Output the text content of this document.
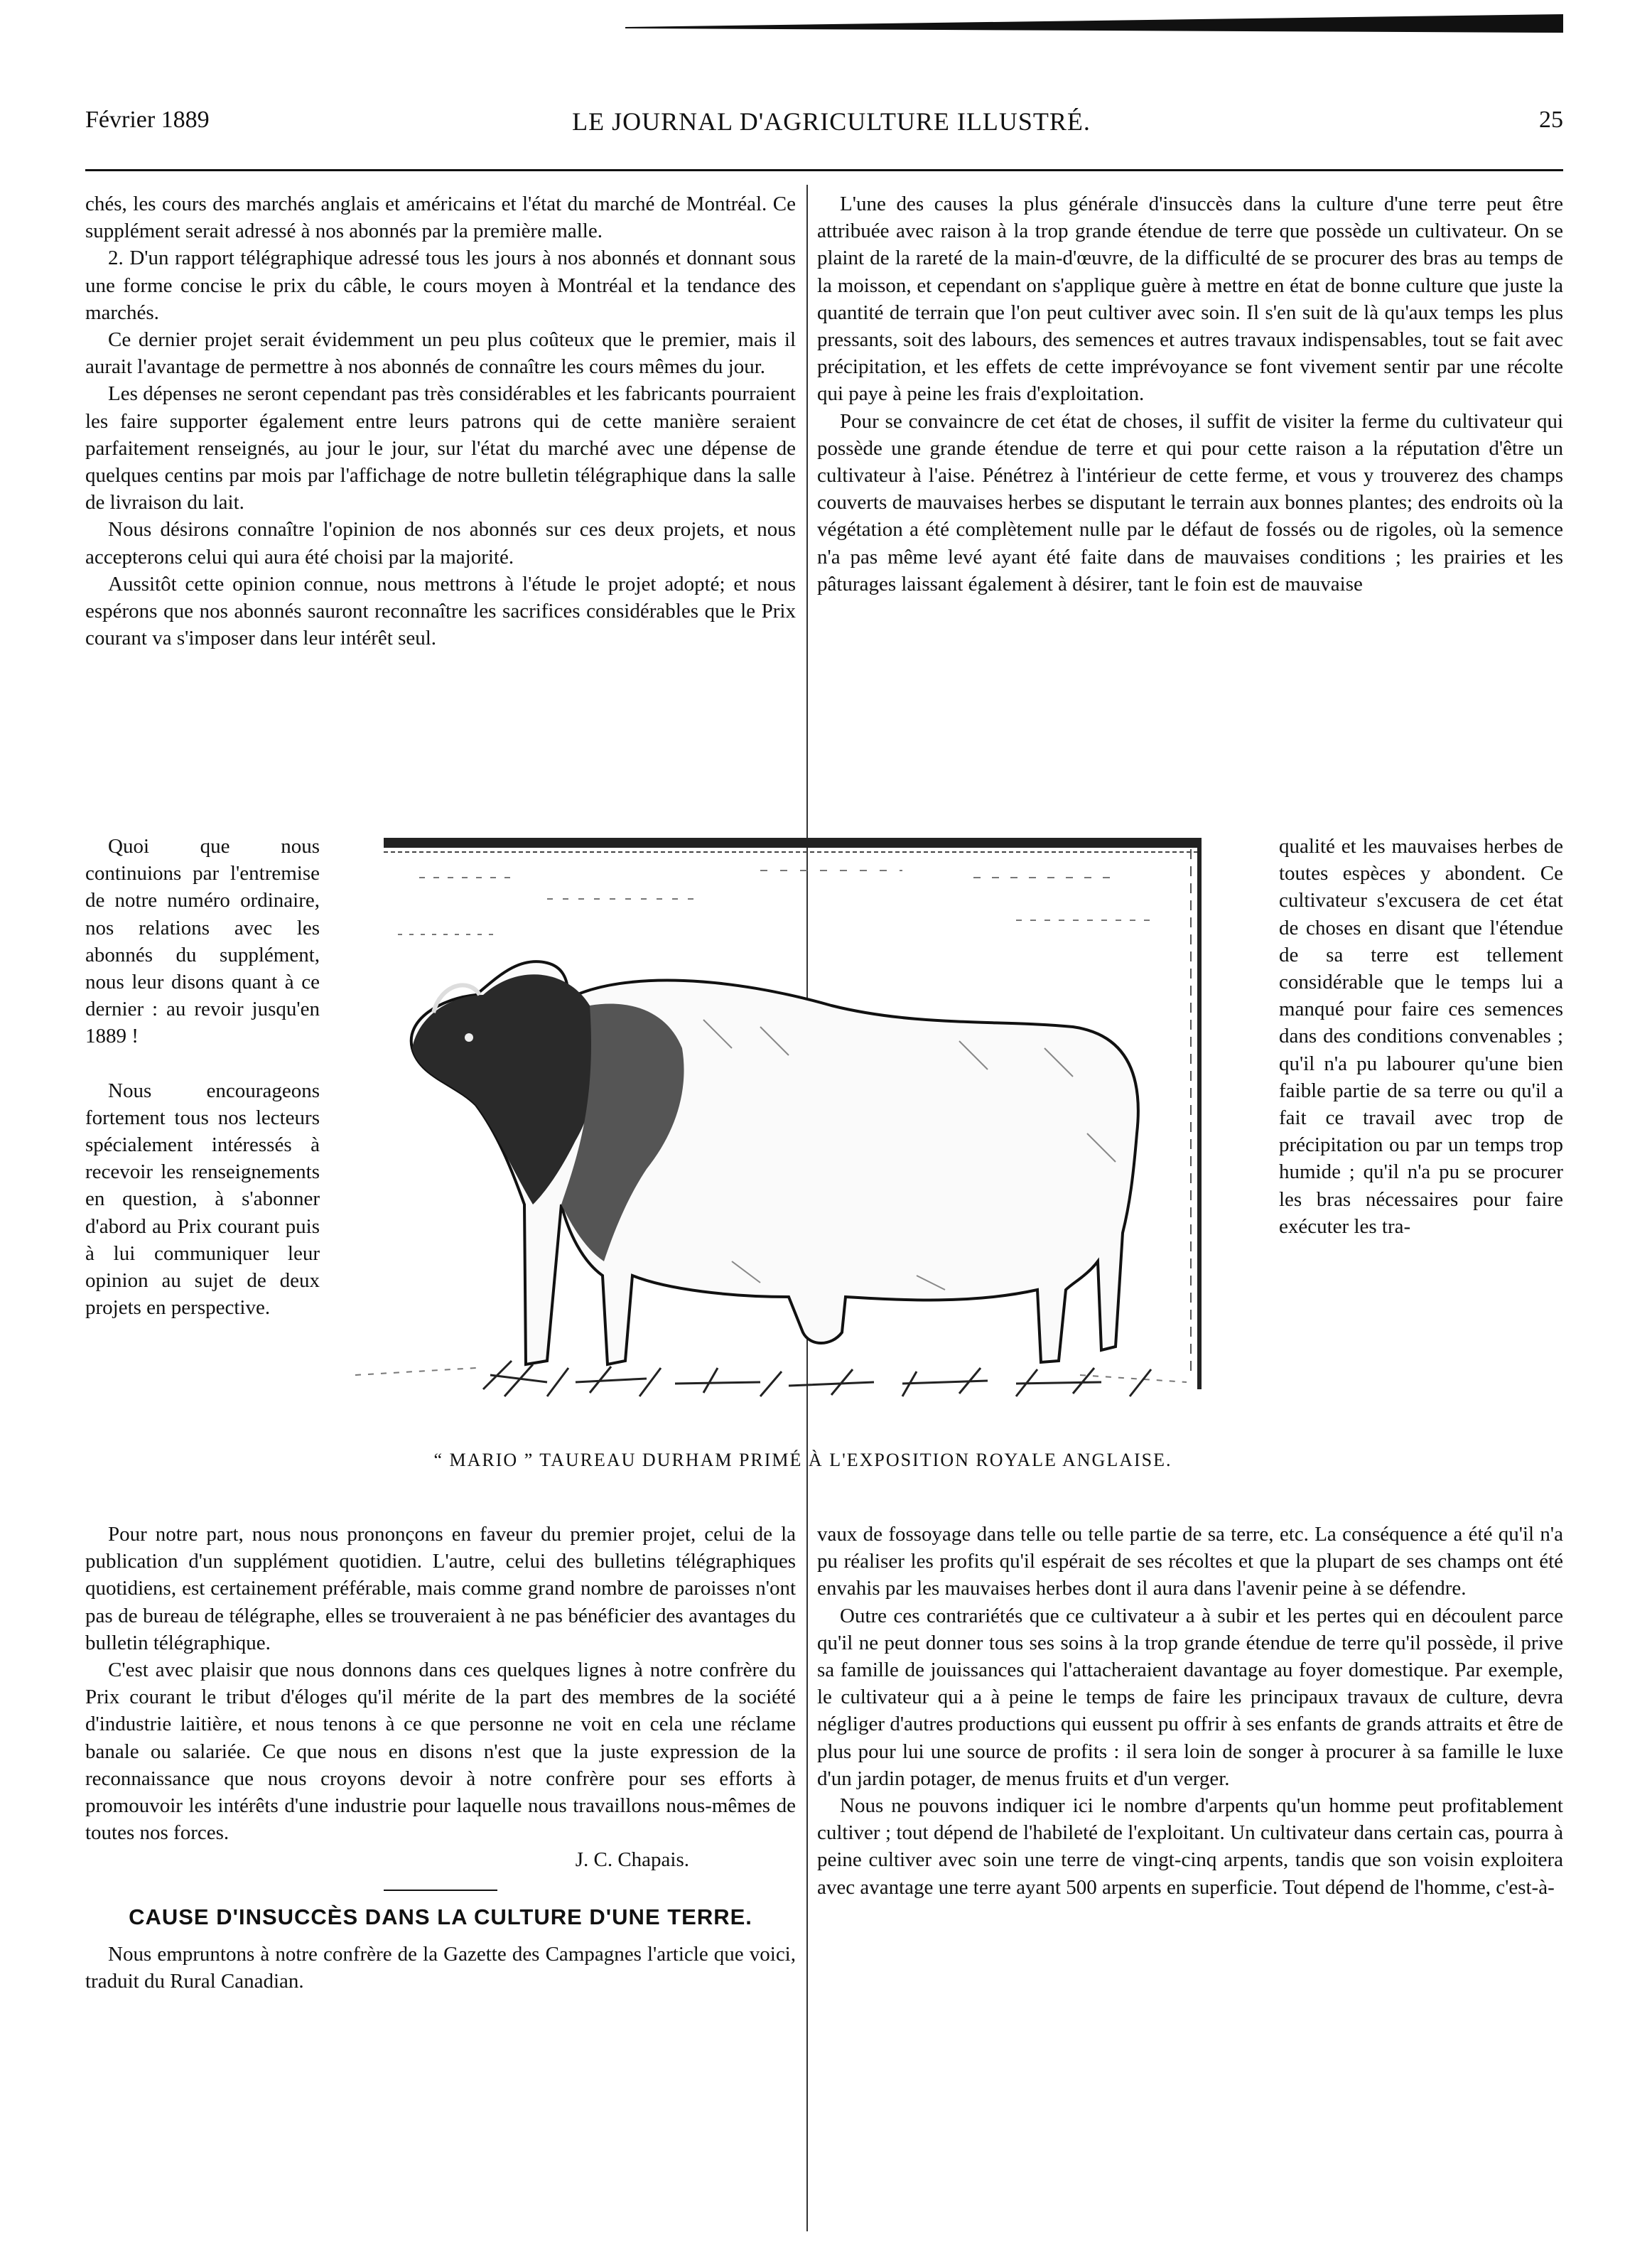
Février 1889	LE JOURNAL D'AGRICULTURE ILLUSTRÉ.	25

chés, les cours des marchés anglais et américains et l'état du marché de Montréal. Ce supplément serait adressé à nos abonnés par la première malle.

2. D'un rapport télégraphique adressé tous les jours à nos abonnés et donnant sous une forme concise le prix du câble, le cours moyen à Montréal et la tendance des marchés.

Ce dernier projet serait évidemment un peu plus coûteux que le premier, mais il aurait l'avantage de permettre à nos abonnés de connaître les cours mêmes du jour.

Les dépenses ne seront cependant pas très considérables et les fabricants pourraient les faire supporter également entre leurs patrons qui de cette manière seraient parfaitement renseignés, au jour le jour, sur l'état du marché avec une dépense de quelques centins par mois par l'affichage de notre bulletin télégraphique dans la salle de livraison du lait.

Nous désirons connaître l'opinion de nos abonnés sur ces deux projets, et nous accepterons celui qui aura été choisi par la majorité.

Aussitôt cette opinion connue, nous mettrons à l'étude le projet adopté; et nous espérons que nos abonnés sauront reconnaître les sacrifices considérables que le Prix courant va s'imposer dans leur intérêt seul.

L'une des causes la plus générale d'insuccès dans la culture d'une terre peut être attribuée avec raison à la trop grande étendue de terre que possède un cultivateur. On se plaint de la rareté de la main-d'œuvre, de la difficulté de se procurer des bras au temps de la moisson, et cependant on s'applique guère à mettre en état de bonne culture que juste la quantité de terrain que l'on peut cultiver avec soin. Il s'en suit de là qu'aux temps les plus pressants, soit des labours, des semences et autres travaux indispensables, tout se fait avec précipitation, et les effets de cette imprévoyance se font vivement sentir par une récolte qui paye à peine les frais d'exploitation.

Pour se convaincre de cet état de choses, il suffit de visiter la ferme du cultivateur qui possède une grande étendue de terre et qui pour cette raison a la réputation d'être un cultivateur à l'aise. Pénétrez à l'intérieur de cette ferme, et vous y trouverez des champs couverts de mauvaises herbes se disputant le terrain aux bonnes plantes; des endroits où la végétation a été complètement nulle par le défaut de fossés ou de rigoles, où la semence n'a pas même levé ayant été faite dans de mauvaises conditions ; les prairies et les pâturages laissant également à désirer, tant le foin est de mauvaise

Quoi que nous continuions par l'entremise de notre numéro ordinaire, nos relations avec les abonnés du supplément, nous leur disons quant à ce dernier : au revoir jusqu'en 1889 !

Nous encourageons fortement tous nos lecteurs spécialement intéressés à recevoir les renseignements en question, à s'abonner d'abord au Prix courant puis à lui communiquer leur opinion au sujet de deux projets en perspective.

qualité et les mauvaises herbes de toutes espèces y abondent. Ce cultivateur s'excusera de cet état de choses en disant que l'étendue de sa terre est tellement considérable que le temps lui a manqué pour faire ces semences dans des conditions convenables ; qu'il n'a pu labourer qu'une bien faible partie de sa terre ou qu'il a fait ce travail avec trop de précipitation ou par un temps trop humide ; qu'il n'a pu se procurer les bras nécessaires pour faire exécuter les tra-

“ MARIO ” TAUREAU DURHAM PRIMÉ À L'EXPOSITION ROYALE ANGLAISE.

Pour notre part, nous nous prononçons en faveur du premier projet, celui de la publication d'un supplément quotidien. L'autre, celui des bulletins télégraphiques quotidiens, est certainement préférable, mais comme grand nombre de paroisses n'ont pas de bureau de télégraphe, elles se trouveraient à ne pas bénéficier des avantages du bulletin télégraphique.

C'est avec plaisir que nous donnons dans ces quelques lignes à notre confrère du Prix courant le tribut d'éloges qu'il mérite de la part des membres de la société d'industrie laitière, et nous tenons à ce que personne ne voit en cela une réclame banale ou salariée. Ce que nous en disons n'est que la juste expression de la reconnaissance que nous croyons devoir à notre confrère pour ses efforts à promouvoir les intérêts d'une industrie pour laquelle nous travaillons nous-mêmes de toutes nos forces.

J. C. Chapais.

CAUSE D'INSUCCÈS DANS LA CULTURE D'UNE TERRE.

Nous empruntons à notre confrère de la Gazette des Campagnes l'article que voici, traduit du Rural Canadian.

vaux de fossoyage dans telle ou telle partie de sa terre, etc. La conséquence a été qu'il n'a pu réaliser les profits qu'il espérait de ses récoltes et que la plupart de ses champs ont été envahis par les mauvaises herbes dont il aura dans l'avenir peine à se défendre.

Outre ces contrariétés que ce cultivateur a à subir et les pertes qui en découlent parce qu'il ne peut donner tous ses soins à la trop grande étendue de terre qu'il possède, il prive sa famille de jouissances qui l'attacheraient davantage au foyer domestique. Par exemple, le cultivateur qui a à peine le temps de faire les principaux travaux de culture, devra négliger d'autres productions qui eussent pu offrir à ses enfants de grands attraits et être de plus pour lui une source de profits : il sera loin de songer à procurer à sa famille le luxe d'un jardin potager, de menus fruits et d'un verger.

Nous ne pouvons indiquer ici le nombre d'arpents qu'un homme peut profitablement cultiver ; tout dépend de l'habileté de l'exploitant. Un cultivateur dans certain cas, pourra à peine cultiver avec soin une terre de vingt-cinq arpents, tandis que son voisin exploitera avec avantage une terre ayant 500 arpents en superficie. Tout dépend de l'homme, c'est-à-
